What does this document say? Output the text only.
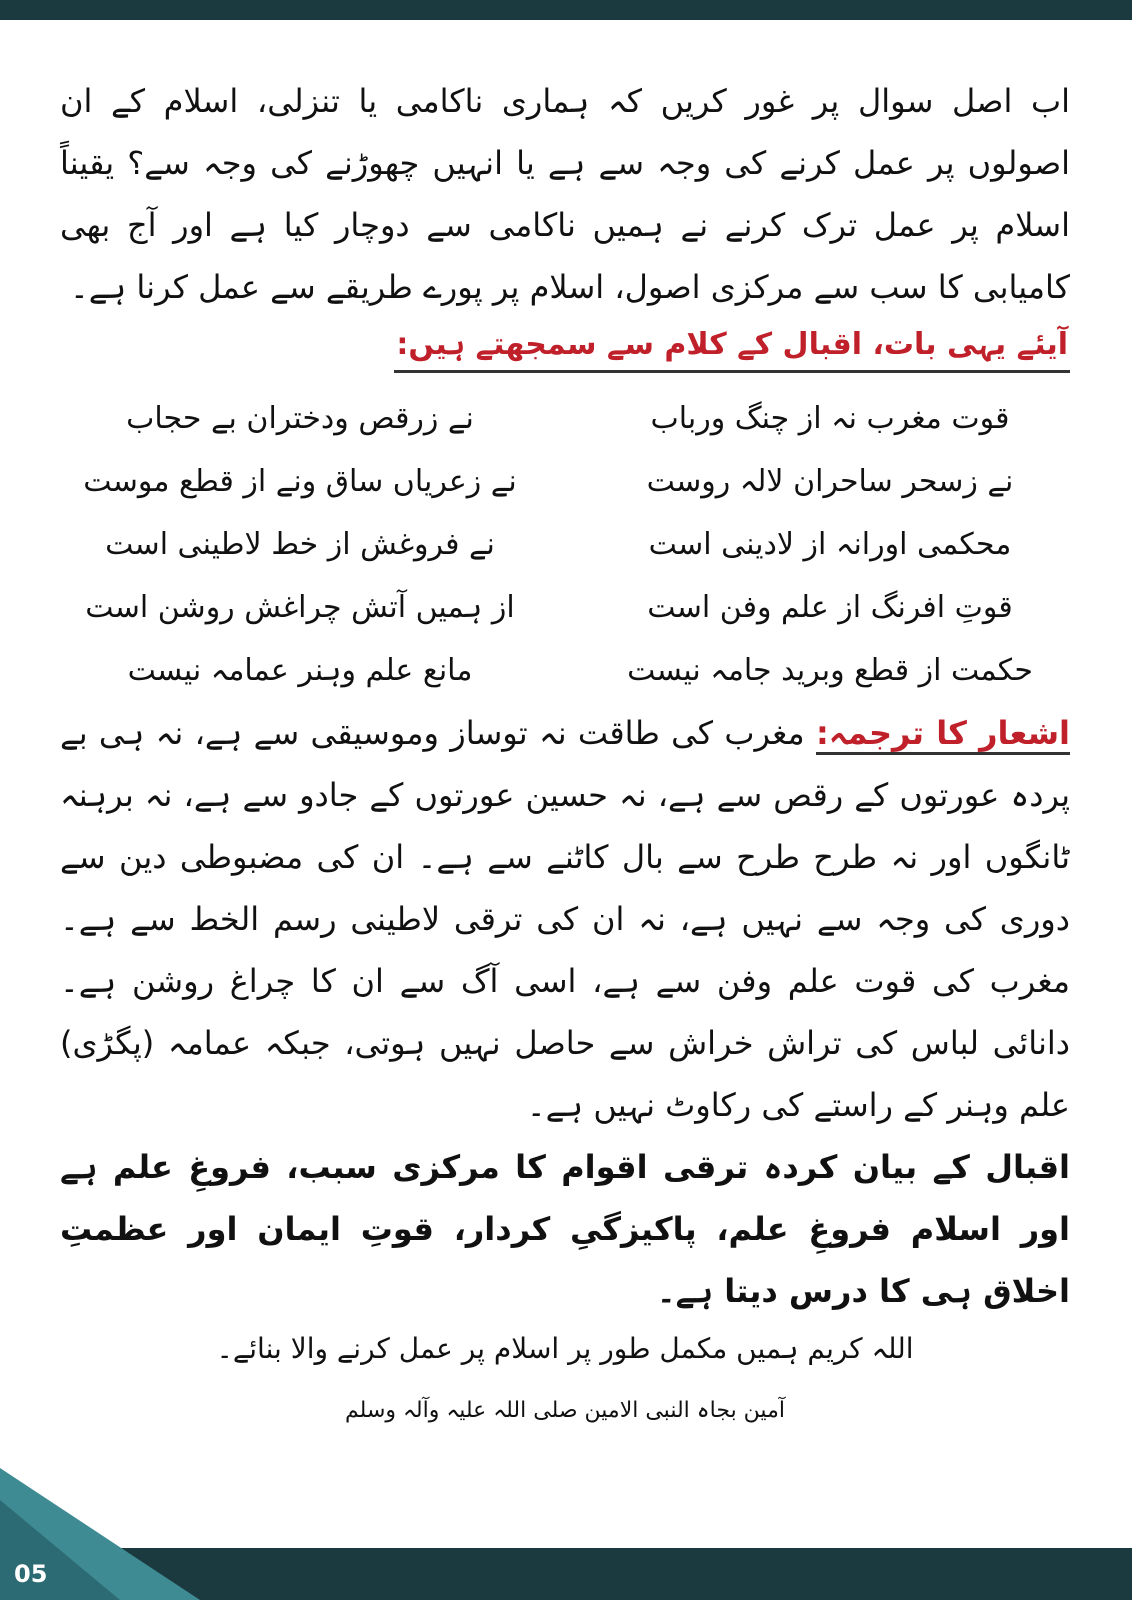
اب اصل سوال پر غور کریں کہ ہماری ناکامی یا تنزلی، اسلام کے ان اصولوں پر عمل کرنے کی وجہ سے ہے یا انہیں چھوڑنے کی وجہ سے؟ یقیناً اسلام پر عمل ترک کرنے نے ہمیں ناکامی سے دوچار کیا ہے اور آج بھی کامیابی کا سب سے مرکزی اصول، اسلام پر پورے طریقے سے عمل کرنا ہے۔

آیئے یہی بات، اقبال کے کلام سے سمجھتے ہیں:
قوت مغرب نہ از چنگ ورباب
نے زرقص ودختران بے حجاب
نے زسحر ساحران لالہ روست
نے زعریاں ساق ونے از قطع موست
محکمی اورانہ از لادینی است
نے فروغش از خط لاطینی است
قوتِ افرنگ از علم وفن است
از ہمیں آتش چراغش روشن است
حکمت از قطع وبرید جامہ نیست
مانع علم وہنر عمامہ نیست

اشعار کا ترجمہ: مغرب کی طاقت نہ توساز وموسیقی سے ہے، نہ ہی بے پردہ عورتوں کے رقص سے ہے، نہ حسین عورتوں کے جادو سے ہے، نہ برہنہ ٹانگوں اور نہ طرح طرح سے بال کاٹنے سے ہے۔ ان کی مضبوطی دین سے دوری کی وجہ سے نہیں ہے، نہ ان کی ترقی لاطینی رسم الخط سے ہے۔ مغرب کی قوت علم وفن سے ہے، اسی آگ سے ان کا چراغ روشن ہے۔ دانائی لباس کی تراش خراش سے حاصل نہیں ہوتی، جبکہ عمامہ (پگڑی) علم وہنر کے راستے کی رکاوٹ نہیں ہے۔

اقبال کے بیان کردہ ترقی اقوام کا مرکزی سبب، فروغِ علم ہے اور اسلام فروغِ علم، پاکیزگیِ کردار، قوتِ ایمان اور عظمتِ اخلاق ہی کا درس دیتا ہے۔

اللہ کریم ہمیں مکمل طور پر اسلام پر عمل کرنے والا بنائے۔

آمین بجاہ النبی الامین صلی اللہ علیہ وآلہ وسلم

05
